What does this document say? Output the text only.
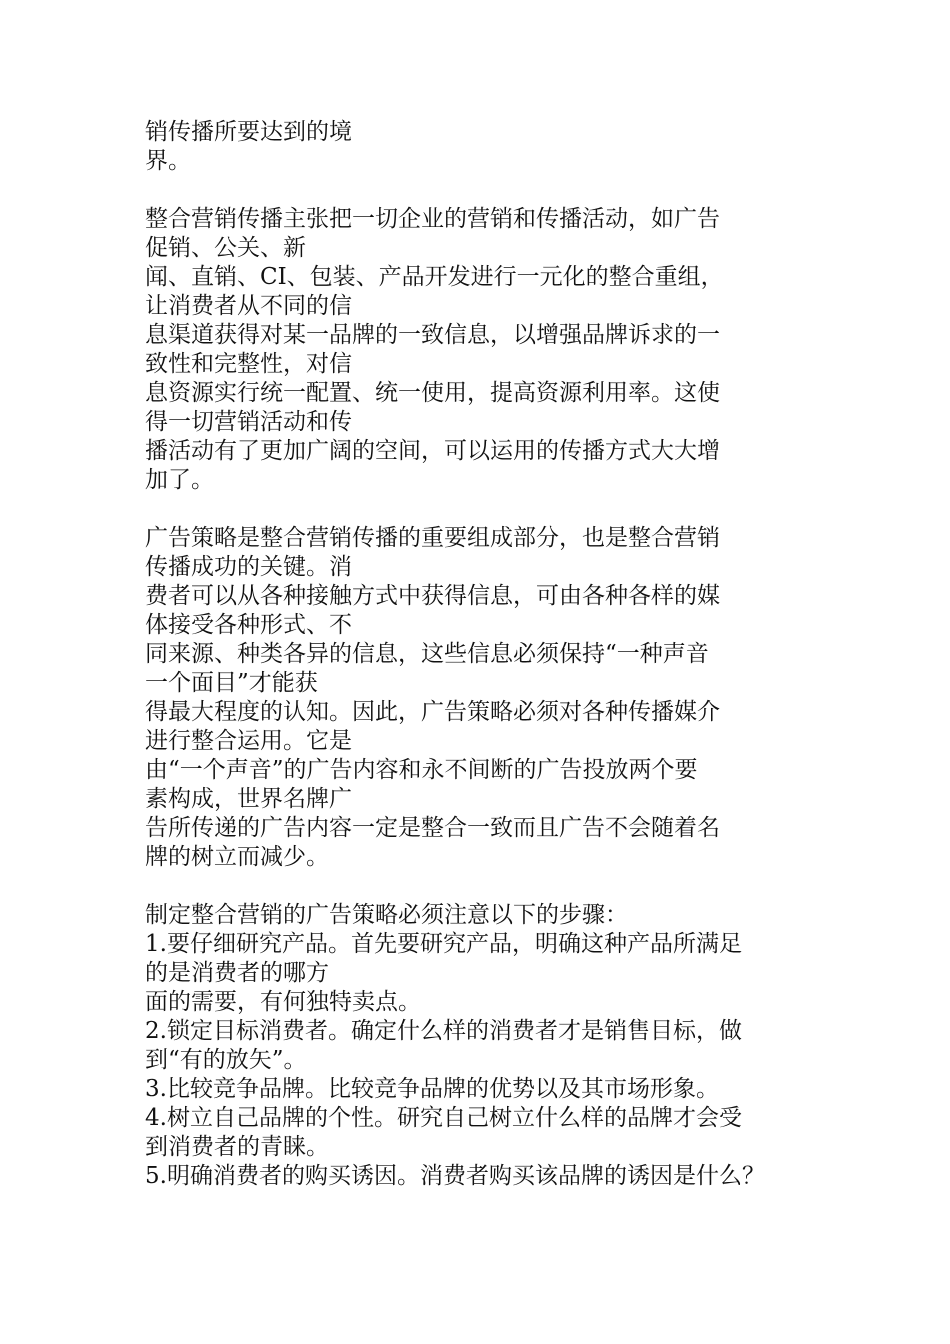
销传播所要达到的境
界。
整合营销传播主张把一切企业的营销和传播活动，如广告
促销、公关、新
闻、直销、CI、包装、产品开发进行一元化的整合重组，
让消费者从不同的信
息渠道获得对某一品牌的一致信息，以增强品牌诉求的一
致性和完整性，对信
息资源实行统一配置、统一使用，提高资源利用率。这使
得一切营销活动和传
播活动有了更加广阔的空间，可以运用的传播方式大大增
加了。
广告策略是整合营销传播的重要组成部分，也是整合营销
传播成功的关键。消
费者可以从各种接触方式中获得信息，可由各种各样的媒
体接受各种形式、不
同来源、种类各异的信息，这些信息必须保持“一种声音
一个面目”才能获
得最大程度的认知。因此，广告策略必须对各种传播媒介
进行整合运用。它是
由“一个声音”的广告内容和永不间断的广告投放两个要
素构成，世界名牌广
告所传递的广告内容一定是整合一致而且广告不会随着名
牌的树立而减少。
制定整合营销的广告策略必须注意以下的步骤：
1.要仔细研究产品。首先要研究产品，明确这种产品所满足
的是消费者的哪方
面的需要，有何独特卖点。
2.锁定目标消费者。确定什么样的消费者才是销售目标，做
到“有的放矢”。
3.比较竞争品牌。比较竞争品牌的优势以及其市场形象。
4.树立自己品牌的个性。研究自己树立什么样的品牌才会受
到消费者的青睐。
5.明确消费者的购买诱因。消费者购买该品牌的诱因是什么？
